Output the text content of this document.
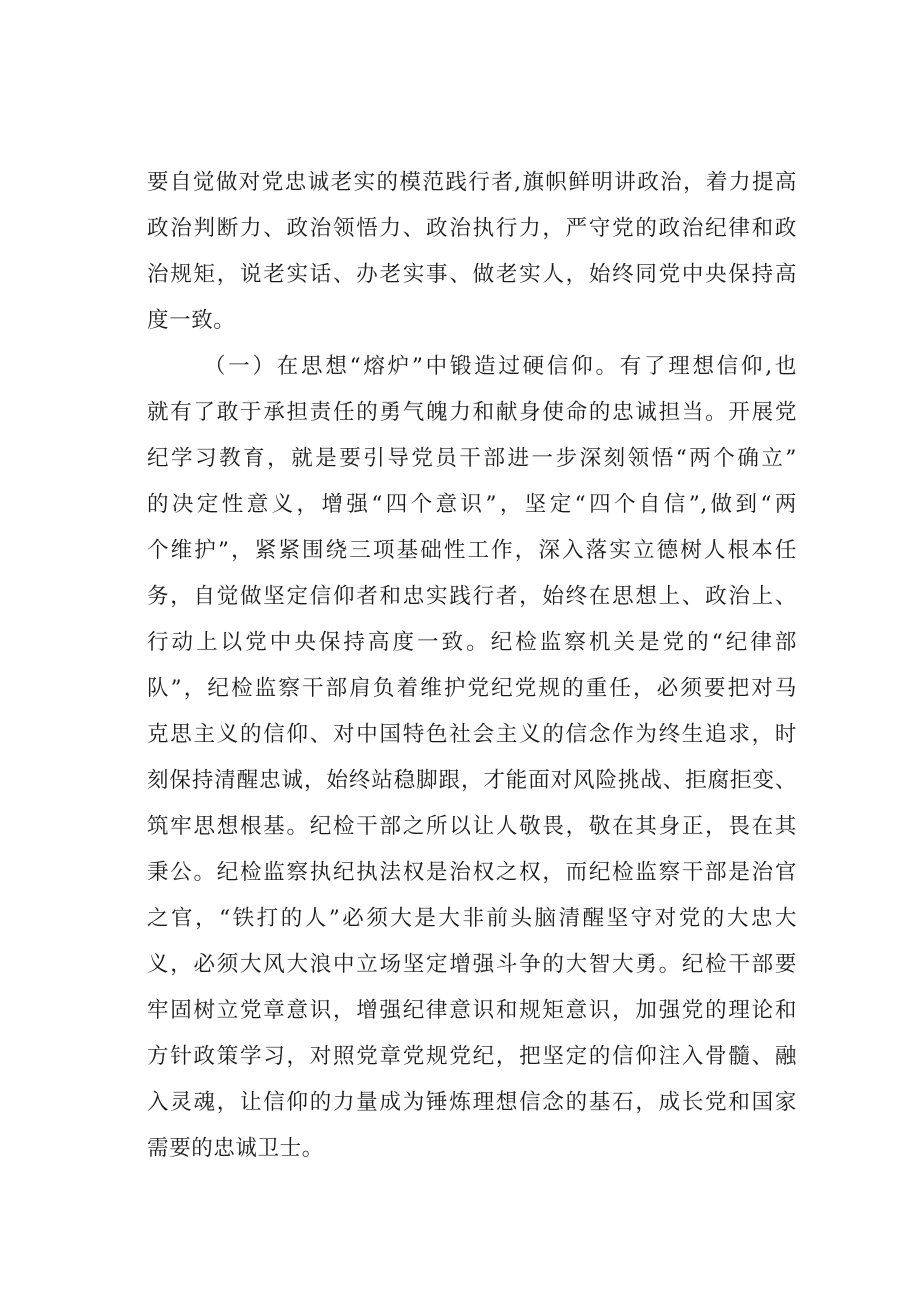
要自觉做对党忠诚老实的模范践行者,旗帜鲜明讲政治，着力提高
政治判断力、政治领悟力、政治执行力，严守党的政治纪律和政
治规矩，说老实话、办老实事、做老实人，始终同党中央保持高
度一致。
（一）在思想“熔炉”中锻造过硬信仰。有了理想信仰,也
就有了敢于承担责任的勇气魄力和献身使命的忠诚担当。开展党
纪学习教育，就是要引导党员干部进一步深刻领悟“两个确立”
的决定性意义，增强“四个意识”，坚定“四个自信”,做到“两
个维护”，紧紧围绕三项基础性工作，深入落实立德树人根本任
务，自觉做坚定信仰者和忠实践行者，始终在思想上、政治上、
行动上以党中央保持高度一致。纪检监察机关是党的“纪律部
队”，纪检监察干部肩负着维护党纪党规的重任，必须要把对马
克思主义的信仰、对中国特色社会主义的信念作为终生追求，时
刻保持清醒忠诚，始终站稳脚跟，才能面对风险挑战、拒腐拒变、
筑牢思想根基。纪检干部之所以让人敬畏，敬在其身正，畏在其
秉公。纪检监察执纪执法权是治权之权，而纪检监察干部是治官
之官，“铁打的人”必须大是大非前头脑清醒坚守对党的大忠大
义，必须大风大浪中立场坚定增强斗争的大智大勇。纪检干部要
牢固树立党章意识，增强纪律意识和规矩意识，加强党的理论和
方针政策学习，对照党章党规党纪，把坚定的信仰注入骨髓、融
入灵魂，让信仰的力量成为锤炼理想信念的基石，成长党和国家
需要的忠诚卫士。
